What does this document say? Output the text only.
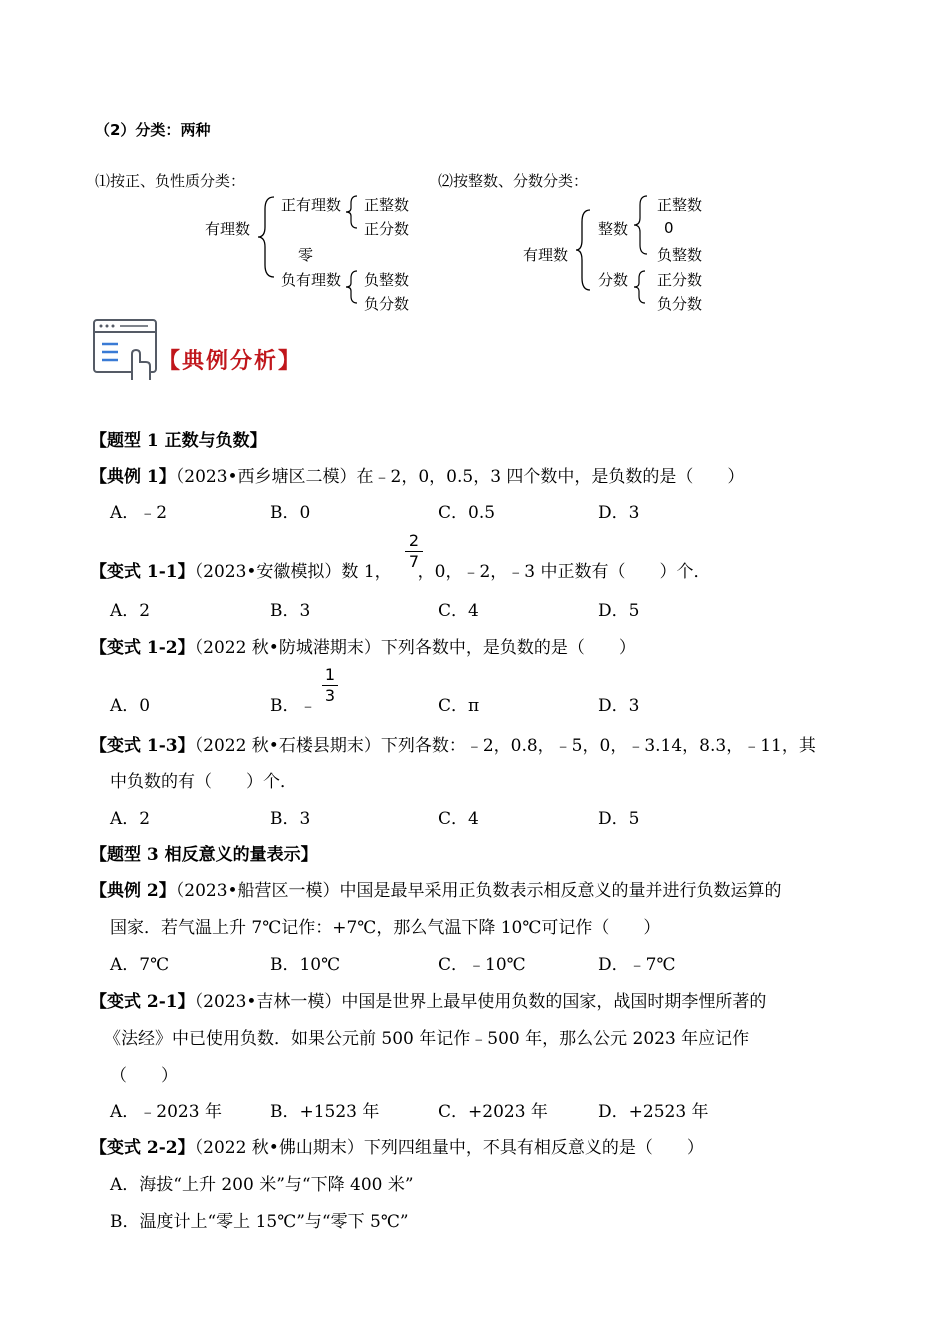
（2）分类：两种
⑴按正、负性质分类：
有理数
正有理数 正整数
正分数
零
负有理数 负整数
负分数
⑵按整数、分数分类：
有理数
整数
正整数
0
负整数
分数 正分数
负分数
【典例分析】
【题型 1 正数与负数】
【典例 1】（2023•西乡塘区二模）在﹣2，0，0.5，3 四个数中，是负数的是（　　）
A．﹣2	B．0	C．0.5	D．3
【变式 1-1】（2023•安徽模拟）数 1， ，0，﹣2，﹣3 中正数有（　　）个．
2
7
A．2	B．3	C．4	D．5
【变式 1-2】（2022 秋•防城港期末）下列各数中，是负数的是（　　）
A．0	B．﹣
1
3
C．π	D．3
【变式 1-3】（2022 秋•石楼县期末）下列各数：﹣2，0.8，﹣5，0，﹣3.14，8.3，﹣11，其
中负数的有（　　）个．
A．2	B．3	C．4	D．5
【题型 3 相反意义的量表示】
【典例 2】（2023•船营区一模）中国是最早采用正负数表示相反意义的量并进行负数运算的
国家．若气温上升 7℃记作：+7℃，那么气温下降 10℃可记作（　　）
A．7℃	B．10℃	C．﹣10℃	D．﹣7℃
【变式 2-1】（2023•吉林一模）中国是世界上最早使用负数的国家，战国时期李悝所著的
《法经》中已使用负数．如果公元前 500 年记作﹣500 年，那么公元 2023 年应记作
（　　）
A．﹣2023 年	B．+1523 年	C．+2023 年	D．+2523 年
【变式 2-2】（2022 秋•佛山期末）下列四组量中，不具有相反意义的是（　　）
A．海拔“上升 200 米”与“下降 400 米”
B．温度计上“零上 15℃”与“零下 5℃”
